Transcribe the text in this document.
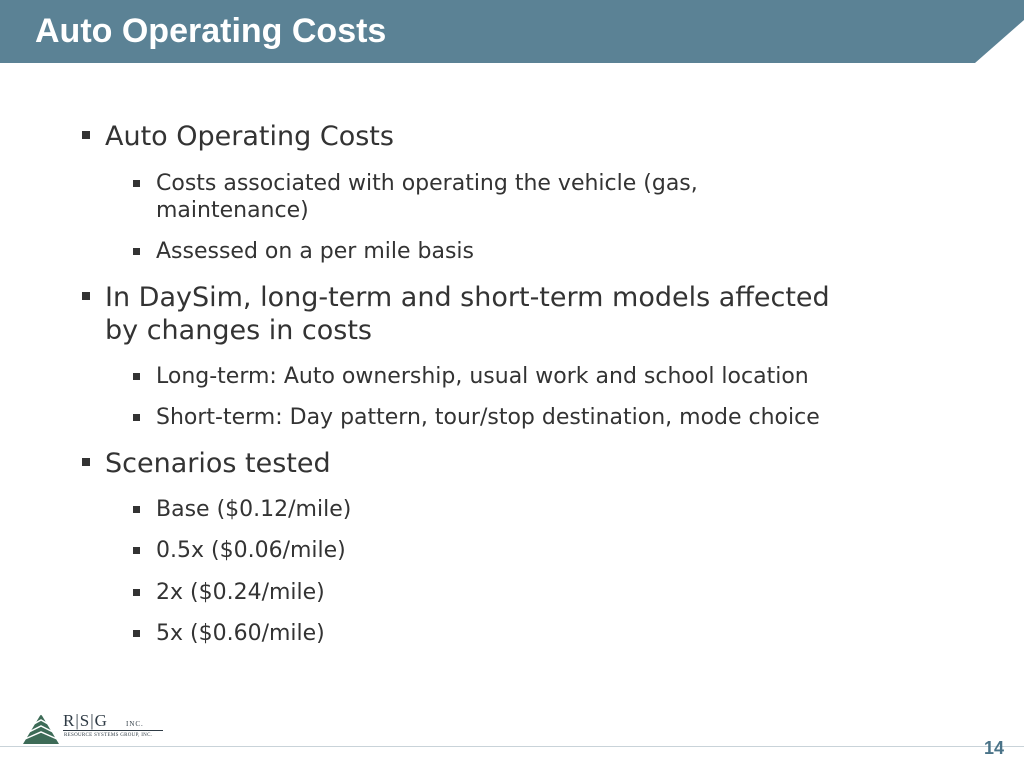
Auto Operating Costs
Auto Operating Costs
Costs associated with operating the vehicle (gas,
maintenance)
Assessed on a per mile basis
In DaySim, long-term and short-term models affected
by changes in costs
Long-term: Auto ownership, usual work and school location
Short-term: Day pattern, tour/stop destination, mode choice
Scenarios tested
Base ($0.12/mile)
0.5x ($0.06/mile)
2x ($0.24/mile)
5x ($0.60/mile)
R|S|G	INC.
RESOURCE SYSTEMS GROUP, INC.
14
